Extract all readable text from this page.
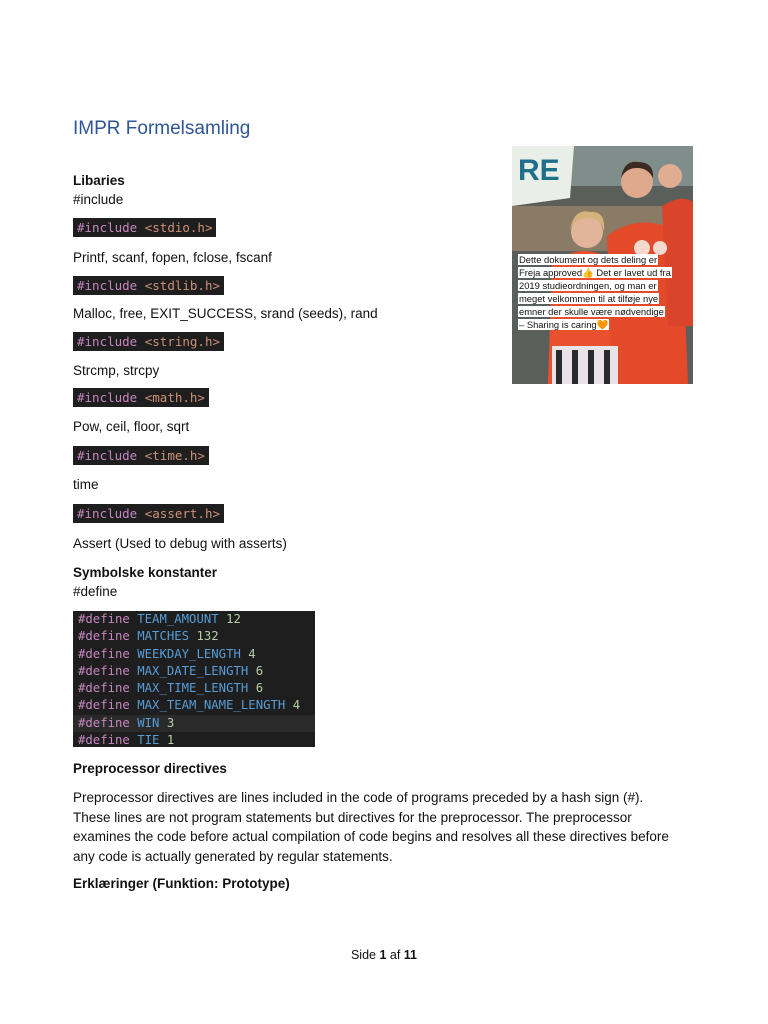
IMPR Formelsamling
Libaries
#include
#include <stdio.h>
Printf, scanf, fopen, fclose, fscanf
#include <stdlib.h>
Malloc, free, EXIT_SUCCESS, srand (seeds), rand
#include <string.h>
Strcmp, strcpy
#include <math.h>
Pow, ceil, floor, sqrt
#include <time.h>
time
#include <assert.h>
Assert (Used to debug with asserts)
Symbolske konstanter
#define
#define TEAM_AMOUNT 12
#define MATCHES 132
#define WEEKDAY_LENGTH 4
#define MAX_DATE_LENGTH 6
#define MAX_TIME_LENGTH 6
#define MAX_TEAM_NAME_LENGTH 4
#define WIN 3
#define TIE 1
Preprocessor directives
Preprocessor directives are lines included in the code of programs preceded by a hash sign (#). These lines are not program statements but directives for the preprocessor. The preprocessor examines the code before actual compilation of code begins and resolves all these directives before any code is actually generated by regular statements.
Erklæringer (Funktion: Prototype)
Side 1 af 11
RE
Dette dokument og dets deling er
Freja approved👍 Det er lavet ud fra
2019 studieordningen, og man er
meget velkommen til at tilføje nye
emner der skulle være nødvendige
– Sharing is caring🧡
